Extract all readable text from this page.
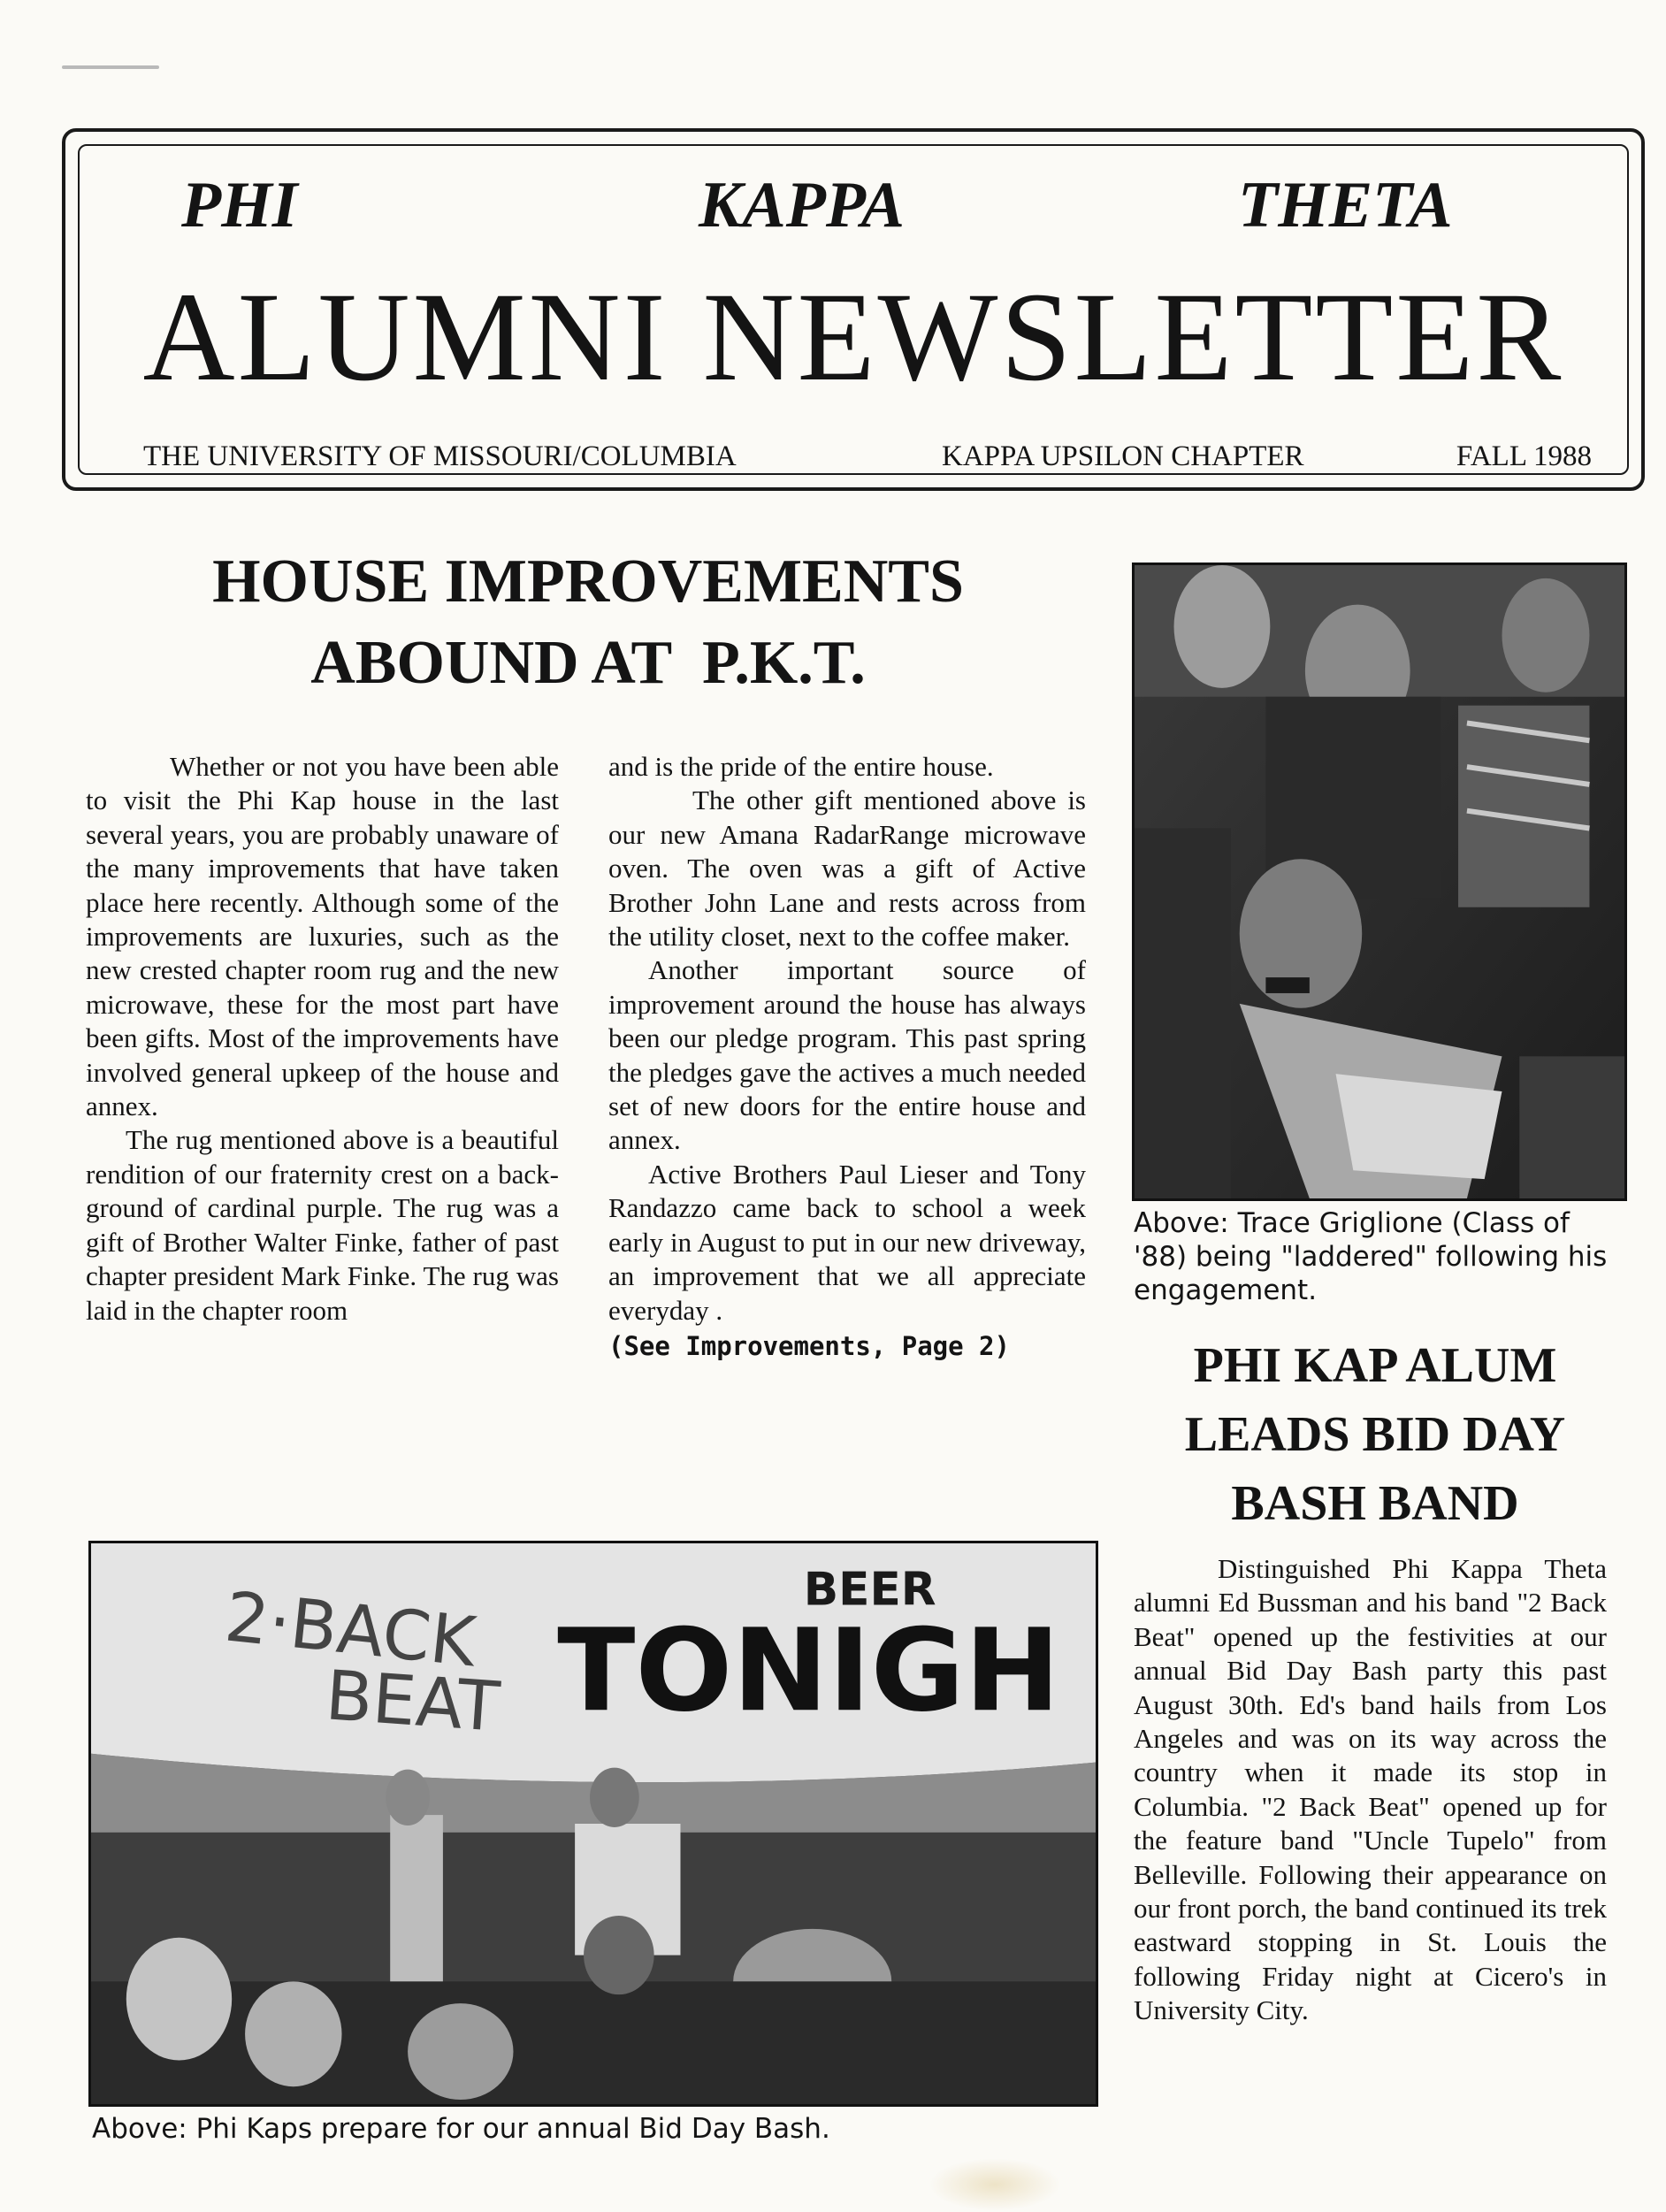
PHI	KAPPA	THETA
ALUMNI NEWSLETTER
THE UNIVERSITY OF MISSOURI/COLUMBIA	KAPPA UPSILON CHAPTER	FALL 1988
HOUSE IMPROVEMENTS
ABOUND AT  P.K.T.

Whether or not you have been able to visit the Phi Kap house in the last several years, you are probably unaware of the many improvements that have taken place here recently. Although some of the improvements are luxuries, such as the new crested chapter room rug and the new microwave, these for the most part have been gifts. Most of the improvements have involved general upkeep of the house and annex.

The rug mentioned above is a beautiful rendition of our fraternity crest on a back-ground of cardinal purple. The rug was a gift of Brother Walter Finke, father of past chapter president Mark Finke. The rug was laid in the chapter room

and is the pride of the entire house.

The other gift mentioned above is our new Amana RadarRange microwave oven. The oven was a gift of Active Brother John Lane and rests across from the utility closet, next to the coffee maker.

Another important source of improvement around the house has always been our pledge program. This past spring the pledges gave the actives a much needed set of new doors for the entire house and annex.

Active Brothers Paul Lieser and Tony Randazzo came back to school a week early in August to put in our new driveway, an improvement that we all appreciate everyday .

(See Improvements, Page 2)

Above: Trace Griglione (Class of '88) being "laddered" following his engagement.
PHI KAP ALUM
LEADS BID DAY
BASH BAND

Distinguished Phi Kappa Theta alumni Ed Bussman and his band "2 Back Beat" opened up the festivities at our annual Bid Day Bash party this past August 30th. Ed's band hails from Los Angeles and was on its way across the country when it made its stop in Columbia. "2 Back Beat" opened up for the feature band "Uncle Tupelo" from Belleville. Following their appearance on our front porch, the band continued its trek eastward stopping in St. Louis the following Friday night at Cicero's in University City.

2·BACK
BEAT
BEER
TONIGH
Above: Phi Kaps prepare for our annual Bid Day Bash.
